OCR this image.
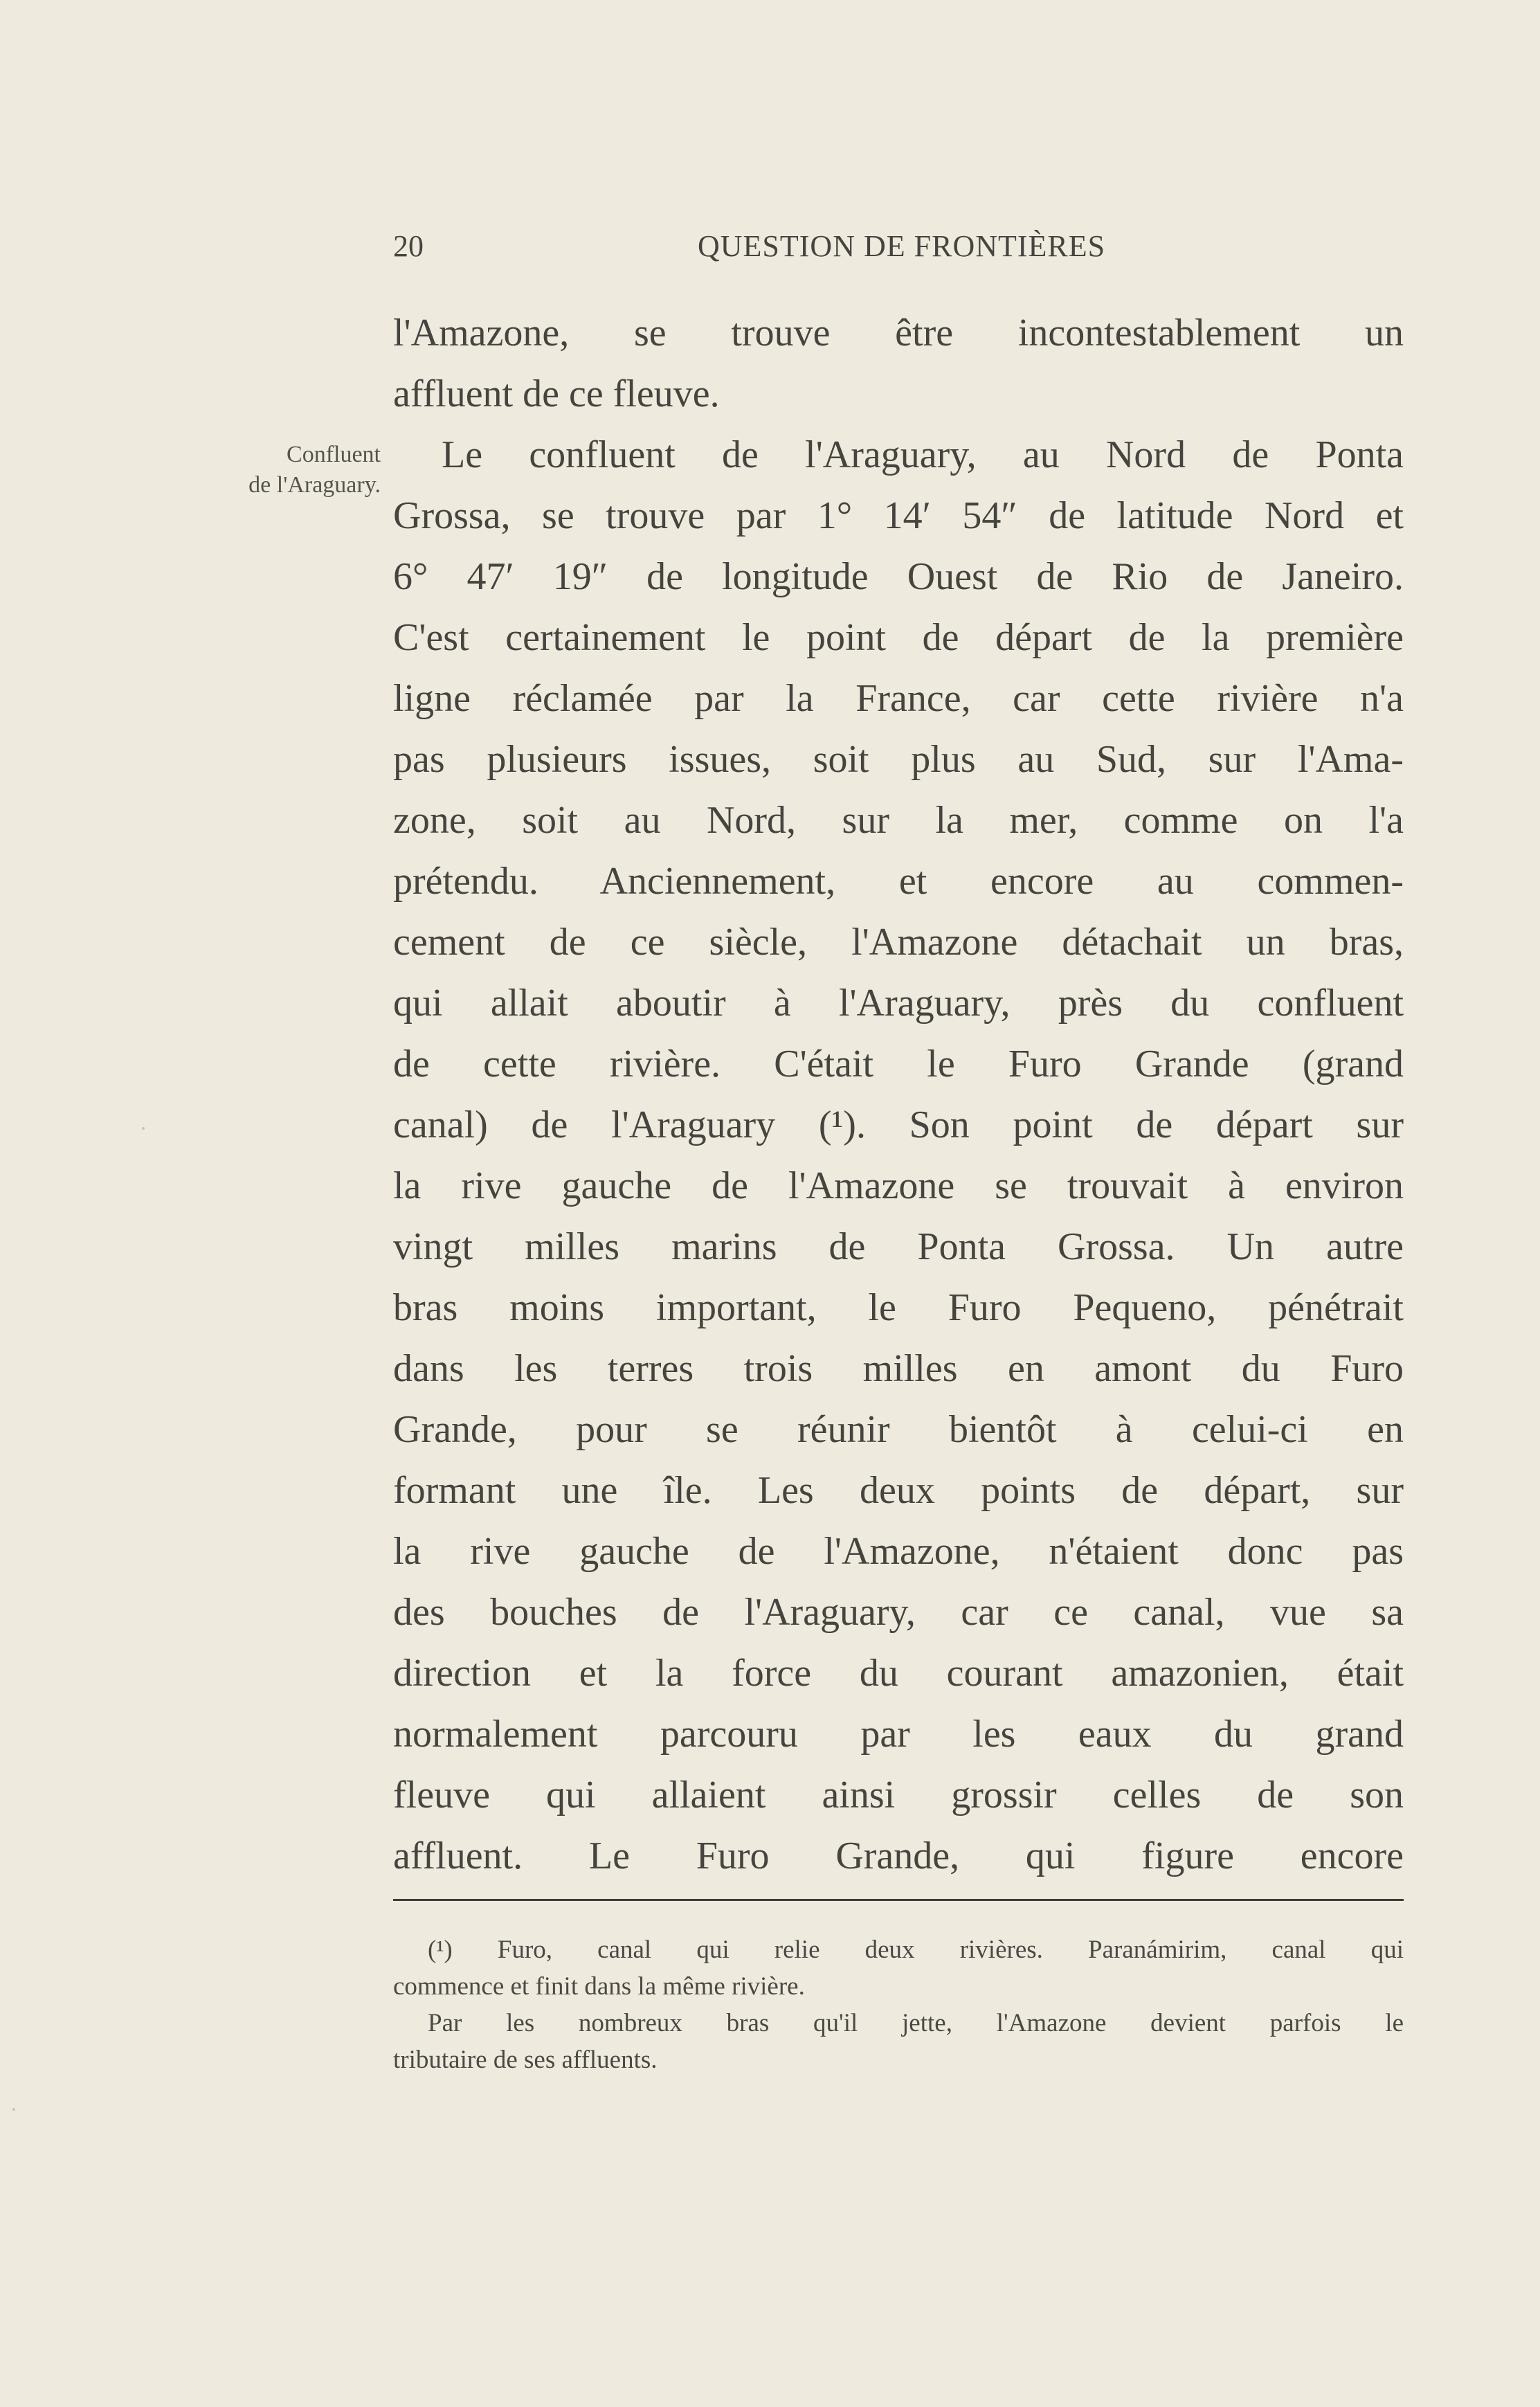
20	QUESTION DE FRONTIÈRES
Confluent
de l'Araguary.
l'Amazone, se trouve être incontestablement un
affluent de ce fleuve.
Le confluent de l'Araguary, au Nord de Ponta
Grossa, se trouve par 1° 14′ 54″ de latitude Nord et
6° 47′ 19″ de longitude Ouest de Rio de Janeiro.
C'est certainement le point de départ de la première
ligne réclamée par la France, car cette rivière n'a
pas plusieurs issues, soit plus au Sud, sur l'Ama-
zone, soit au Nord, sur la mer, comme on l'a
prétendu. Anciennement, et encore au commen-
cement de ce siècle, l'Amazone détachait un bras,
qui allait aboutir à l'Araguary, près du confluent
de cette rivière. C'était le Furo Grande (grand
canal) de l'Araguary (¹). Son point de départ sur
la rive gauche de l'Amazone se trouvait à environ
vingt milles marins de Ponta Grossa. Un autre
bras moins important, le Furo Pequeno, pénétrait
dans les terres trois milles en amont du Furo
Grande, pour se réunir bientôt à celui-ci en
formant une île. Les deux points de départ, sur
la rive gauche de l'Amazone, n'étaient donc pas
des bouches de l'Araguary, car ce canal, vue sa
direction et la force du courant amazonien, était
normalement parcouru par les eaux du grand
fleuve qui allaient ainsi grossir celles de son
affluent. Le Furo Grande, qui figure encore
(¹) Furo, canal qui relie deux rivières. Paranámirim, canal qui
commence et finit dans la même rivière.
Par les nombreux bras qu'il jette, l'Amazone devient parfois le
tributaire de ses affluents.
